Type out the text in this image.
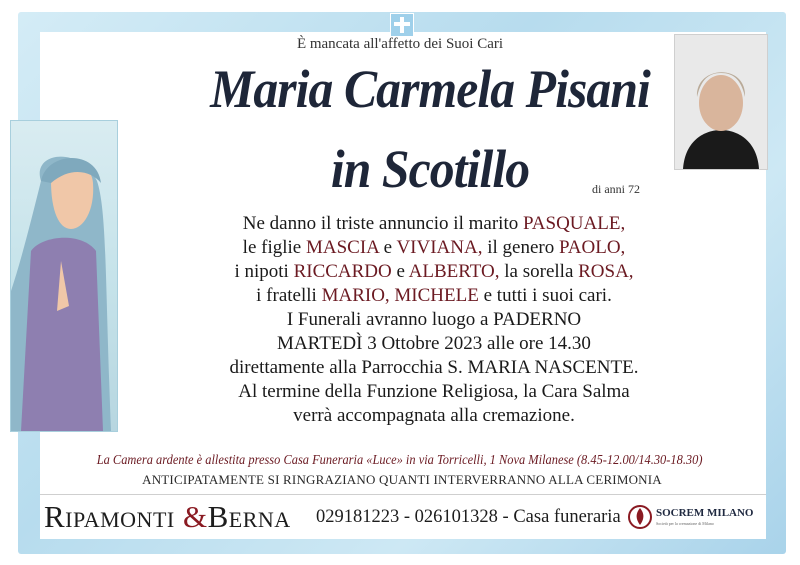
È mancata all'affetto dei Suoi Cari
Maria Carmela Pisani
in Scotillo	di anni 72
Ne danno il triste annuncio il marito PASQUALE,
le figlie MASCIA e VIVIANA, il genero PAOLO,
i nipoti RICCARDO e ALBERTO, la sorella ROSA,
i fratelli MARIO, MICHELE e tutti i suoi cari.
I Funerali avranno luogo a PADERNO
MARTEDÌ 3 Ottobre 2023 alle ore 14.30
direttamente alla Parrocchia S. MARIA NASCENTE.
Al termine della Funzione Religiosa, la Cara Salma
verrà accompagnata alla cremazione.
La Camera ardente è allestita presso Casa Funeraria «Luce» in via Torricelli, 1 Nova Milanese (8.45-12.00/14.30-18.30)
ANTICIPATAMENTE SI RINGRAZIANO QUANTI INTERVERRANNO ALLA CERIMONIA
Ripamonti &Berna 029181223 - 026101328 - Casa funeraria	SOCREM MILANO
Società per la cremazione di Milano
